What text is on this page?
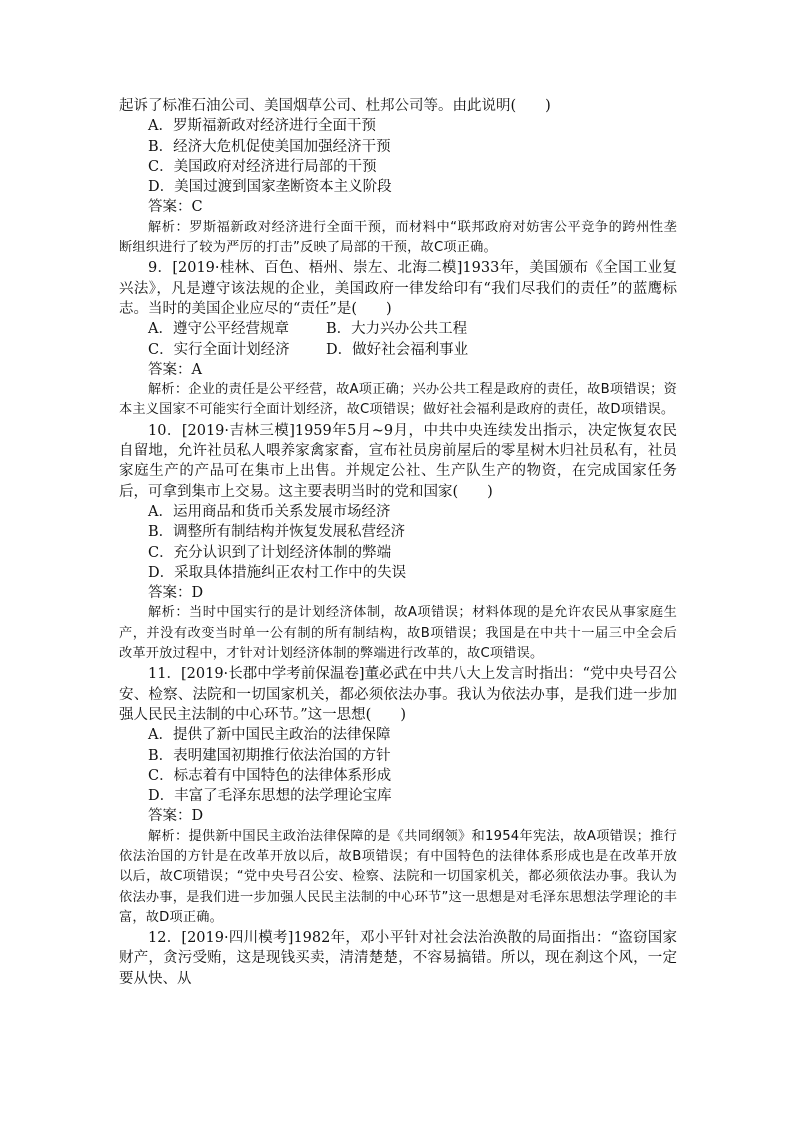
起诉了标准石油公司、美国烟草公司、杜邦公司等。由此说明(　　)

A．罗斯福新政对经济进行全面干预

B．经济大危机促使美国加强经济干预

C．美国政府对经济进行局部的干预

D．美国过渡到国家垄断资本主义阶段

答案：C

解析：罗斯福新政对经济进行全面干预，而材料中“联邦政府对妨害公平竞争的跨州性垄断组织进行了较为严厉的打击”反映了局部的干预，故C项正确。

9．[2019·桂林、百色、梧州、崇左、北海二模]1933年，美国颁布《全国工业复兴法》，凡是遵守该法规的企业，美国政府一律发给印有“我们尽我们的责任”的蓝鹰标志。当时的美国企业应尽的“责任”是(　　)

A．遵守公平经营规章	B．大力兴办公共工程
C．实行全面计划经济	D．做好社会福利事业

答案：A

解析：企业的责任是公平经营，故A项正确；兴办公共工程是政府的责任，故B项错误；资本主义国家不可能实行全面计划经济，故C项错误；做好社会福利是政府的责任，故D项错误。

10．[2019·吉林三模]1959年5月~9月，中共中央连续发出指示，决定恢复农民自留地，允许社员私人喂养家禽家畜，宣布社员房前屋后的零星树木归社员私有，社员家庭生产的产品可在集市上出售。并规定公社、生产队生产的物资，在完成国家任务后，可拿到集市上交易。这主要表明当时的党和国家(　　)

A．运用商品和货币关系发展市场经济

B．调整所有制结构并恢复发展私营经济

C．充分认识到了计划经济体制的弊端

D．采取具体措施纠正农村工作中的失误

答案：D

解析：当时中国实行的是计划经济体制，故A项错误；材料体现的是允许农民从事家庭生产，并没有改变当时单一公有制的所有制结构，故B项错误；我国是在中共十一届三中全会后改革开放过程中，才针对计划经济体制的弊端进行改革的，故C项错误。

11．[2019·长郡中学考前保温卷]董必武在中共八大上发言时指出：“党中央号召公安、检察、法院和一切国家机关，都必须依法办事。我认为依法办事，是我们进一步加强人民民主法制的中心环节。”这一思想(　　)

A．提供了新中国民主政治的法律保障

B．表明建国初期推行依法治国的方针

C．标志着有中国特色的法律体系形成

D．丰富了毛泽东思想的法学理论宝库

答案：D

解析：提供新中国民主政治法律保障的是《共同纲领》和1954年宪法，故A项错误；推行依法治国的方针是在改革开放以后，故B项错误；有中国特色的法律体系形成也是在改革开放以后，故C项错误；“党中央号召公安、检察、法院和一切国家机关，都必须依法办事。我认为依法办事，是我们进一步加强人民民主法制的中心环节”这一思想是对毛泽东思想法学理论的丰富，故D项正确。

12．[2019·四川模考]1982年，邓小平针对社会法治涣散的局面指出：“盗窃国家财产，贪污受贿，这是现钱买卖，清清楚楚，不容易搞错。所以，现在刹这个风，一定要从快、从
